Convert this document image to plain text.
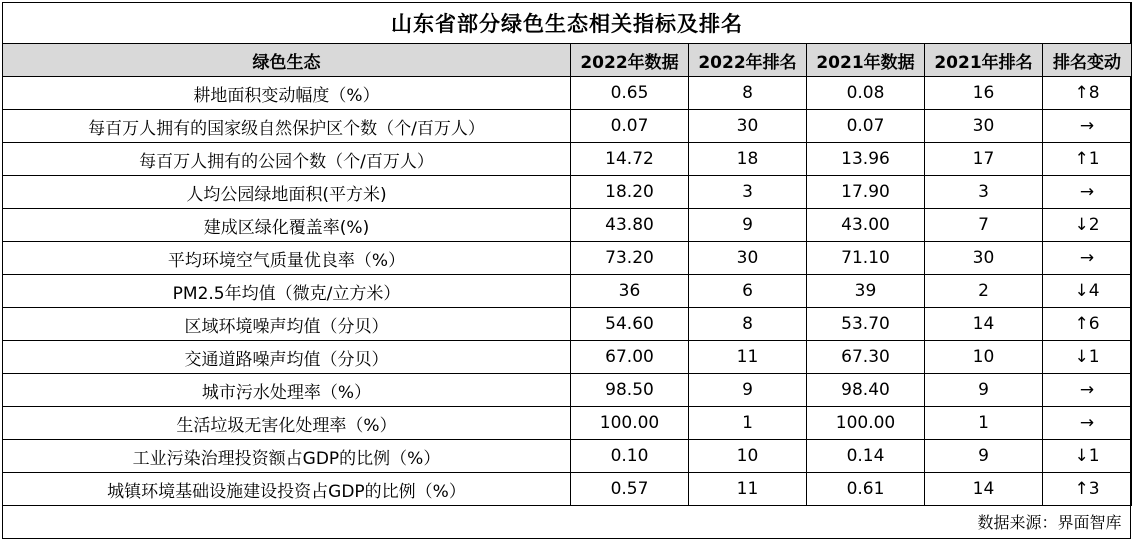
山东省部分绿色生态相关指标及排名					
绿色生态	2022年数据	2022年排名	2021年数据	2021年排名	排名变动
耕地面积变动幅度（%）	0.65	8	0.08	16	↑8
每百万人拥有的国家级自然保护区个数（个/百万人）	0.07	30	0.07	30	→
每百万人拥有的公园个数（个/百万人）	14.72	18	13.96	17	↑1
人均公园绿地面积(平方米)	18.20	3	17.90	3	→
建成区绿化覆盖率(%)	43.80	9	43.00	7	↓2
平均环境空气质量优良率（%）	73.20	30	71.10	30	→
PM2.5年均值（微克/立方米）	36	6	39	2	↓4
区域环境噪声均值（分贝）	54.60	8	53.70	14	↑6
交通道路噪声均值（分贝）	67.00	11	67.30	10	↓1
城市污水处理率（%）	98.50	9	98.40	9	→
生活垃圾无害化处理率（%）	100.00	1	100.00	1	→
工业污染治理投资额占GDP的比例（%）	0.10	10	0.14	9	↓1
城镇环境基础设施建设投资占GDP的比例（%）	0.57	11	0.61	14	↑3
数据来源：界面智库					
